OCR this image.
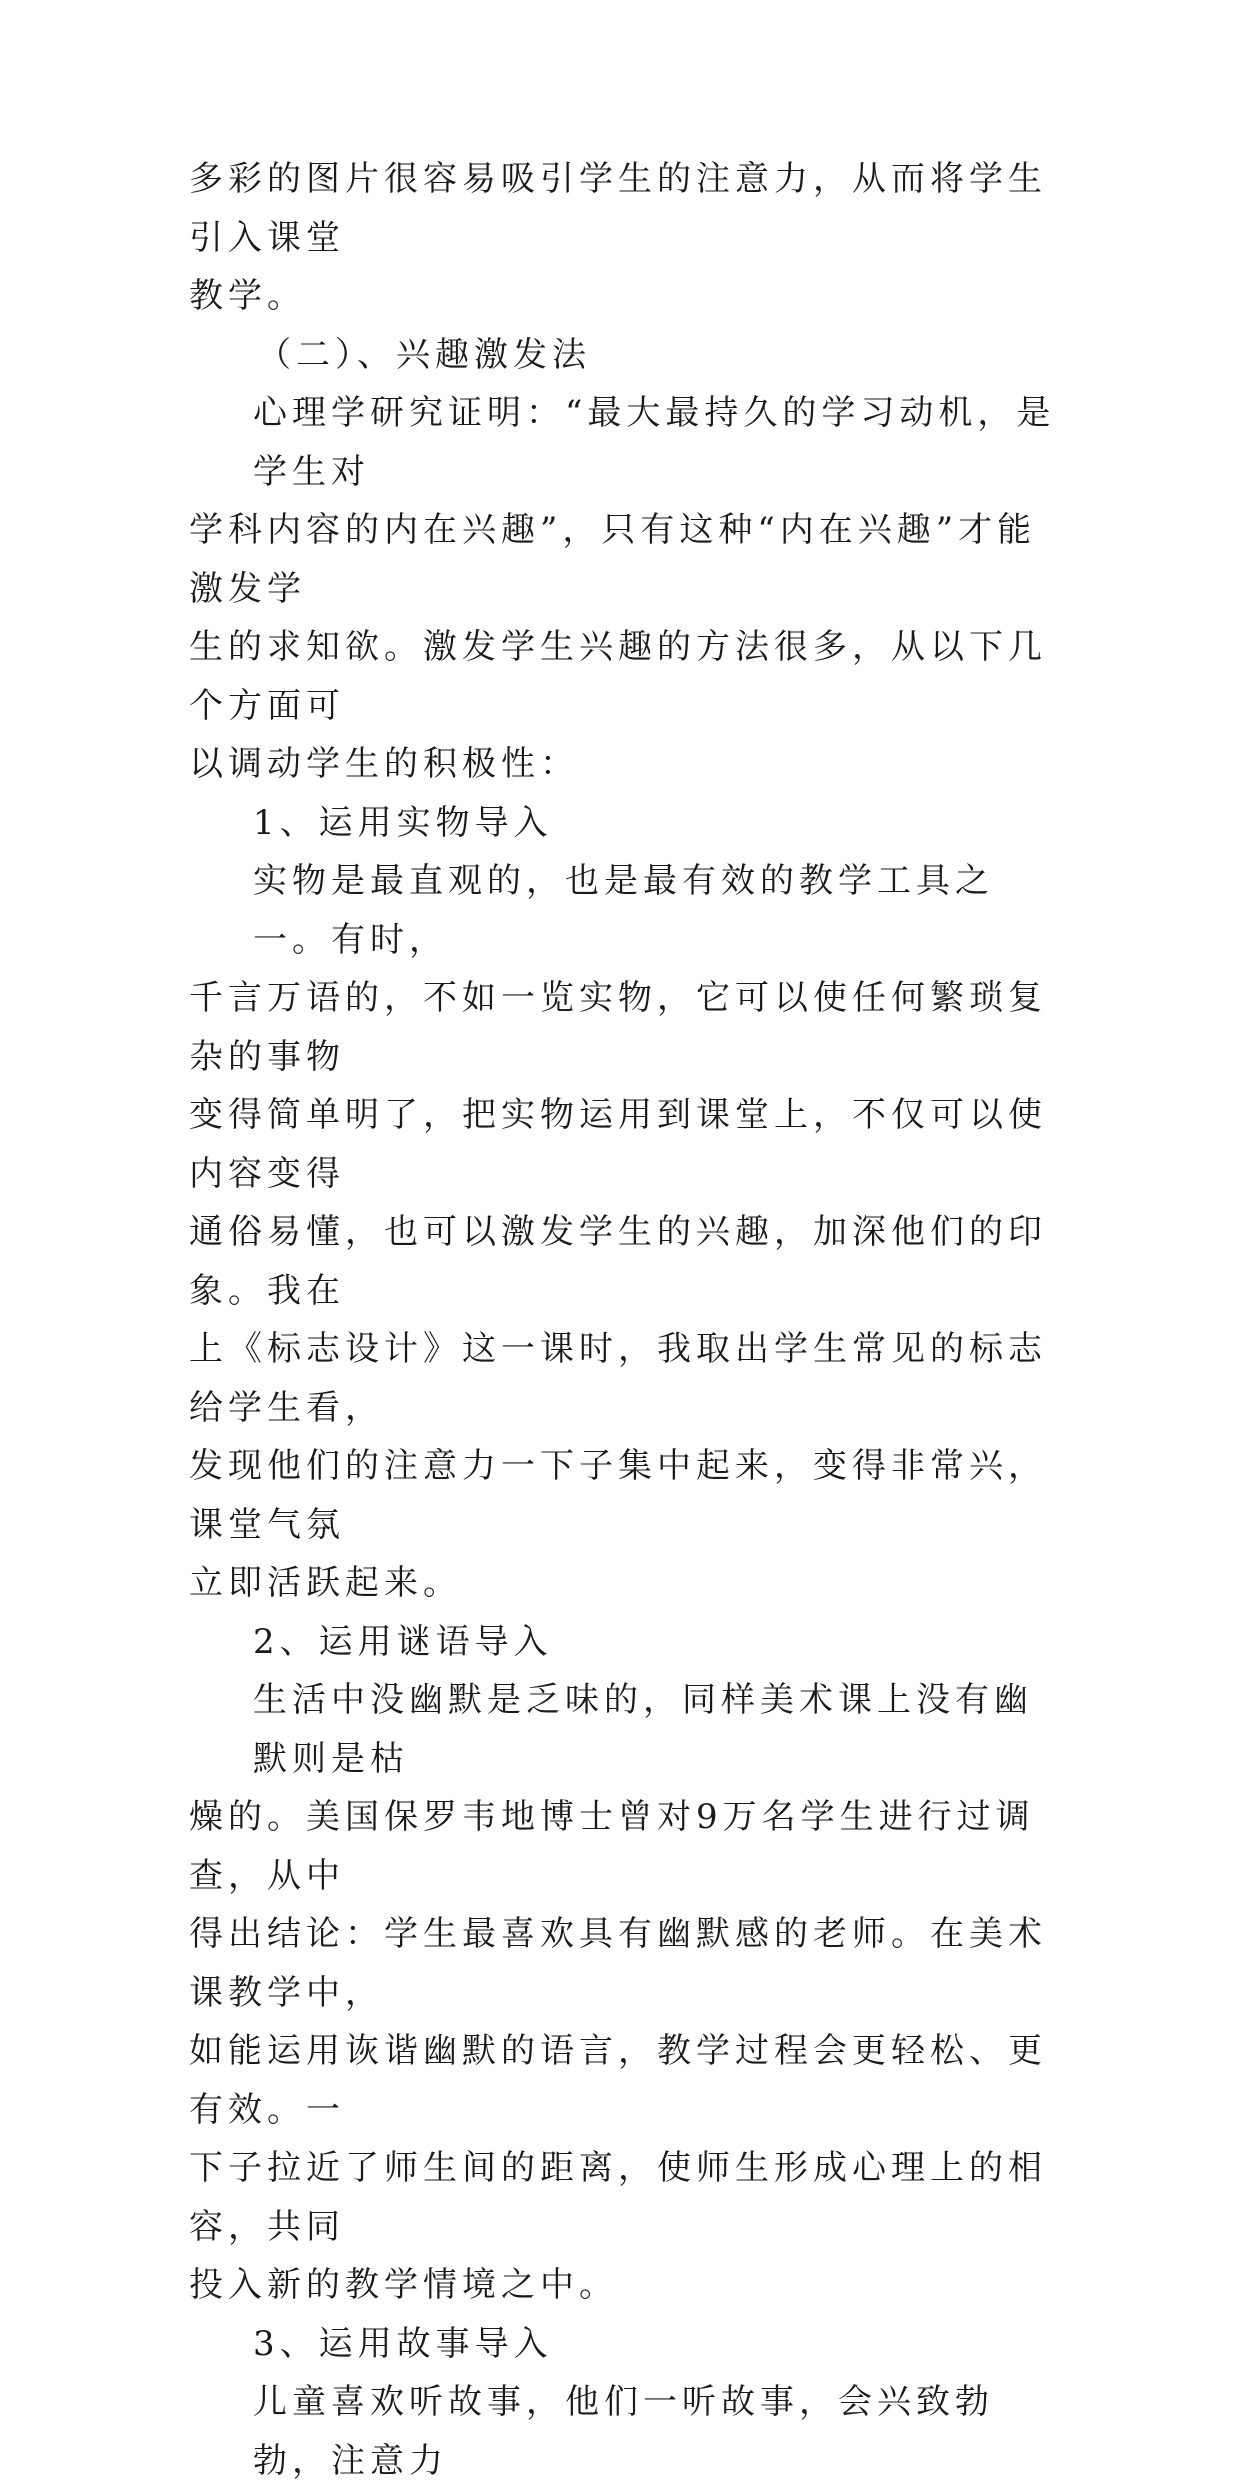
多彩的图片很容易吸引学生的注意力，从而将学生引入课堂

教学。

（二）、兴趣激发法

心理学研究证明：“最大最持久的学习动机，是学生对

学科内容的内在兴趣”，只有这种“内在兴趣”才能激发学

生的求知欲。激发学生兴趣的方法很多，从以下几个方面可

以调动学生的积极性：

1、运用实物导入

实物是最直观的，也是最有效的教学工具之一。有时，

千言万语的，不如一览实物，它可以使任何繁琐复杂的事物

变得简单明了，把实物运用到课堂上，不仅可以使内容变得

通俗易懂，也可以激发学生的兴趣，加深他们的印象。我在

上《标志设计》这一课时，我取出学生常见的标志给学生看，

发现他们的注意力一下子集中起来，变得非常兴，课堂气氛

立即活跃起来。

2、运用谜语导入

生活中没幽默是乏味的，同样美术课上没有幽默则是枯

燥的。美国保罗韦地博士曾对9万名学生进行过调查，从中

得出结论：学生最喜欢具有幽默感的老师。在美术课教学中，

如能运用诙谐幽默的语言，教学过程会更轻松、更有效。一

下子拉近了师生间的距离，使师生形成心理上的相容，共同

投入新的教学情境之中。

3、运用故事导入

儿童喜欢听故事，他们一听故事，会兴致勃勃，注意力
